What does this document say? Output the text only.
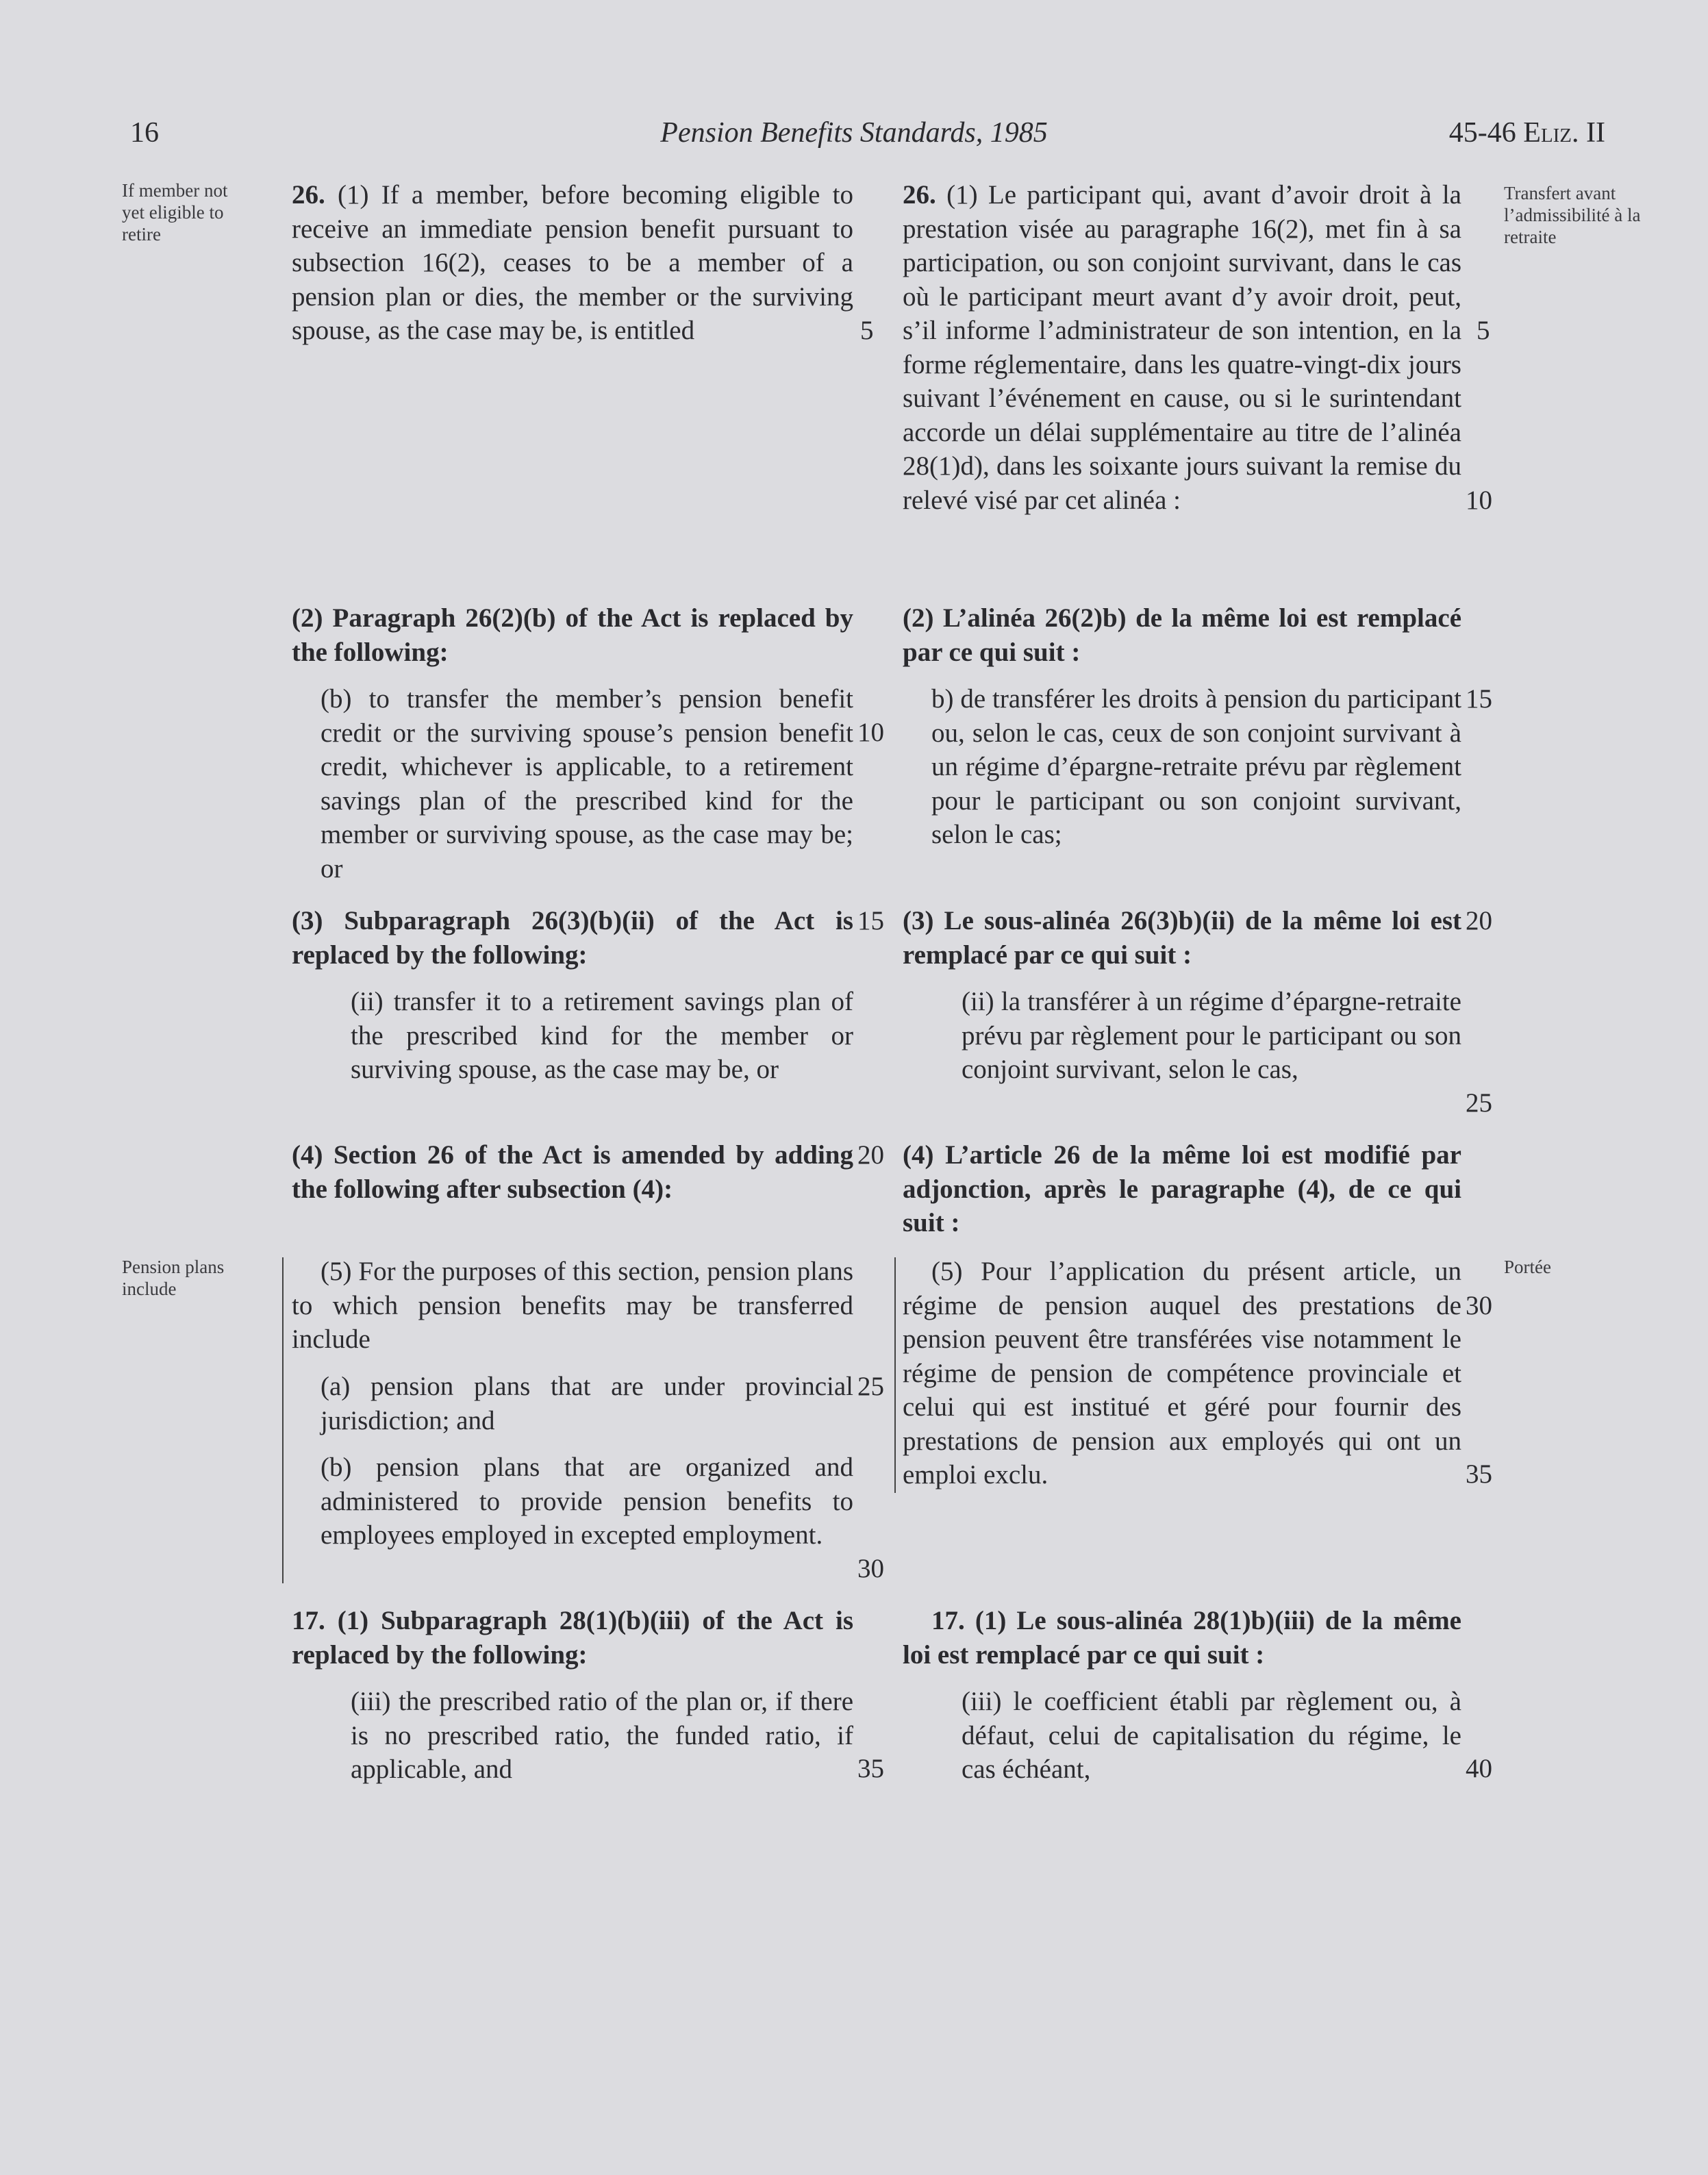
16	Pension Benefits Standards, 1985	45-46 Eliz. II
If member not yet eligible to retire
Transfert avant l’admissibilité à la retraite
Pension plans include
Portée

26. (1) If a member, before becoming eligible to receive an immediate pension benefit pursuant to subsection 16(2), ceases to be a member of a pension plan or dies, the member or the surviving spouse, as the case may be, is entitled

(2) Paragraph 26(2)(b) of the Act is replaced by the following:

(b) to transfer the member’s pension benefit credit or the surviving spouse’s pension benefit credit, whichever is applicable, to a retirement savings plan of the prescribed kind for the member or surviving spouse, as the case may be; or

(3) Subparagraph 26(3)(b)(ii) of the Act is replaced by the following:

(ii) transfer it to a retirement savings plan of the prescribed kind for the member or surviving spouse, as the case may be, or

(4) Section 26 of the Act is amended by adding the following after subsection (4):

(5) For the purposes of this section, pension plans to which pension benefits may be transferred include

(a) pension plans that are under provincial jurisdiction; and

(b) pension plans that are organized and administered to provide pension benefits to employees employed in excepted employment.

17. (1) Subparagraph 28(1)(b)(iii) of the Act is replaced by the following:

(iii) the prescribed ratio of the plan or, if there is no prescribed ratio, the funded ratio, if applicable, and

26. (1) Le participant qui, avant d’avoir droit à la prestation visée au paragraphe 16(2), met fin à sa participation, ou son conjoint survivant, dans le cas où le participant meurt avant d’y avoir droit, peut, s’il informe l’administrateur de son intention, en la forme réglementaire, dans les quatre-vingt-dix jours suivant l’événement en cause, ou si le surintendant accorde un délai supplémentaire au titre de l’alinéa 28(1)d), dans les soixante jours suivant la remise du relevé visé par cet alinéa :

(2) L’alinéa 26(2)b) de la même loi est remplacé par ce qui suit :

b) de transférer les droits à pension du participant ou, selon le cas, ceux de son conjoint survivant à un régime d’épargne-retraite prévu par règlement pour le participant ou son conjoint survivant, selon le cas;

(3) Le sous-alinéa 26(3)b)(ii) de la même loi est remplacé par ce qui suit :

(ii) la transférer à un régime d’épargne-retraite prévu par règlement pour le participant ou son conjoint survivant, selon le cas,

(4) L’article 26 de la même loi est modifié par adjonction, après le paragraphe (4), de ce qui suit :

(5) Pour l’application du présent article, un régime de pension auquel des prestations de pension peuvent être transférées vise notamment le régime de pension de compétence provinciale et celui qui est institué et géré pour fournir des prestations de pension aux employés qui ont un emploi exclu.

17. (1) Le sous-alinéa 28(1)b)(iii) de la même loi est remplacé par ce qui suit :

(iii) le coefficient établi par règlement ou, à défaut, celui de capitalisation du régime, le cas échéant,

5
10
15
20
25
30
35
5
10
15
20
25
30
35
40
